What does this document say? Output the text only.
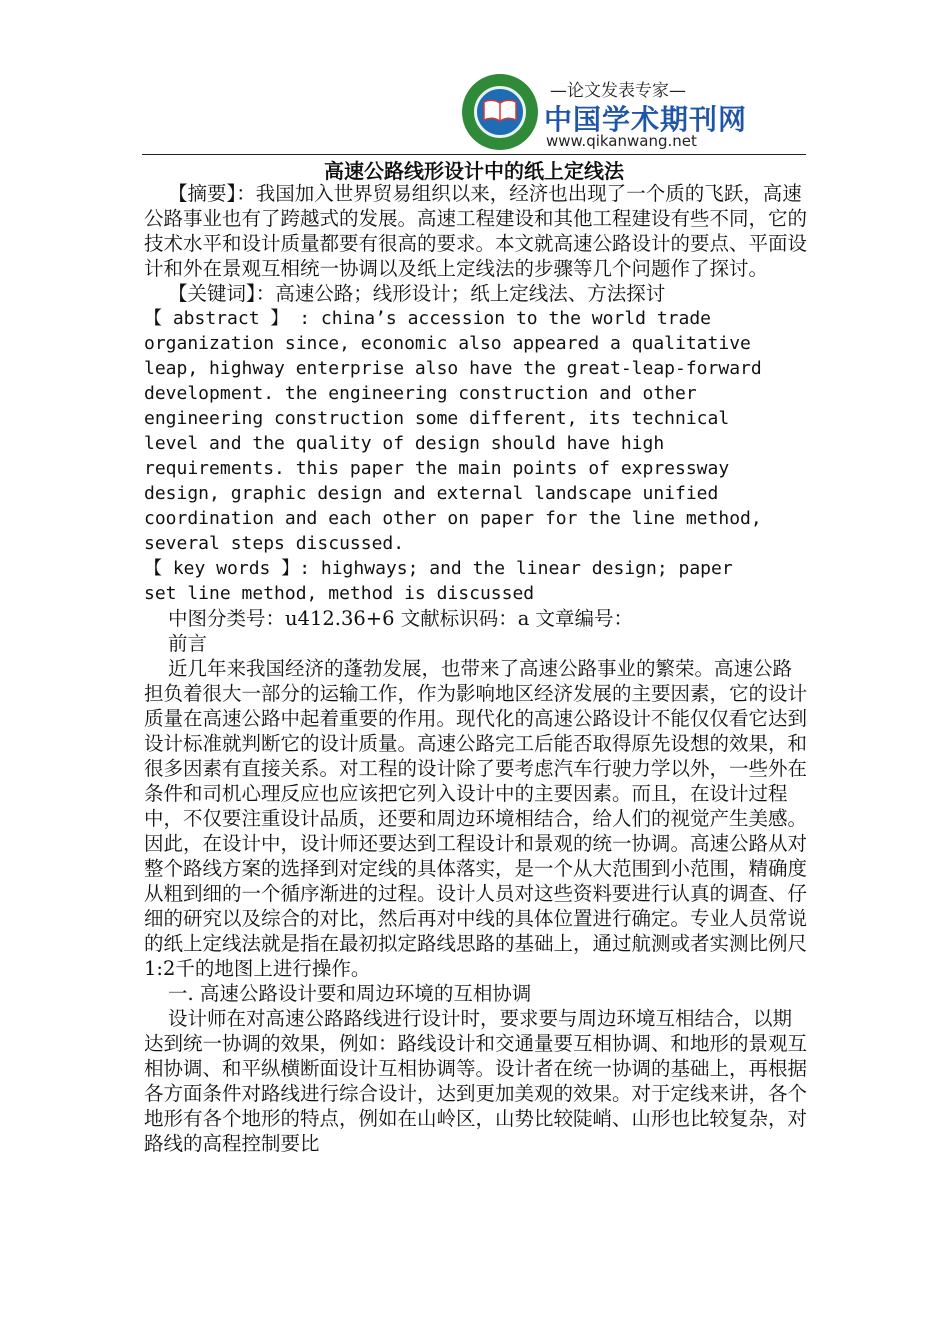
—论文发表专家—
中国学术期刊网
www.qikanwang.net
高速公路线形设计中的纸上定线法

【摘要】：我国加入世界贸易组织以来，经济也出现了一个质的飞跃，高速公路事业也有了跨越式的发展。高速工程建设和其他工程建设有些不同，它的技术水平和设计质量都要有很高的要求。本文就高速公路设计的要点、平面设计和外在景观互相统一协调以及纸上定线法的步骤等几个问题作了探讨。

【关键词】：高速公路；线形设计；纸上定线法、方法探讨

【 abstract 】 : china’s accession to the world trade
organization since, economic also appeared a qualitative
leap, highway enterprise also have the great-leap-forward
development. the engineering construction and other
engineering construction some different, its technical
level and the quality of design should have high
requirements. this paper the main points of expressway
design, graphic design and external landscape unified
coordination and each other on paper for the line method,
several steps discussed.

【 key words 】: highways; and the linear design; paper
set line method, method is discussed

中图分类号：u412.36+6 文献标识码：a 文章编号：

前言

近几年来我国经济的蓬勃发展，也带来了高速公路事业的繁荣。高速公路担负着很大一部分的运输工作，作为影响地区经济发展的主要因素，它的设计质量在高速公路中起着重要的作用。现代化的高速公路设计不能仅仅看它达到设计标准就判断它的设计质量。高速公路完工后能否取得原先设想的效果，和很多因素有直接关系。对工程的设计除了要考虑汽车行驶力学以外，一些外在条件和司机心理反应也应该把它列入设计中的主要因素。而且，在设计过程中，不仅要注重设计品质，还要和周边环境相结合，给人们的视觉产生美感。因此，在设计中，设计师还要达到工程设计和景观的统一协调。高速公路从对整个路线方案的选择到对定线的具体落实，是一个从大范围到小范围，精确度从粗到细的一个循序渐进的过程。设计人员对这些资料要进行认真的调查、仔细的研究以及综合的对比，然后再对中线的具体位置进行确定。专业人员常说的纸上定线法就是指在最初拟定路线思路的基础上，通过航测或者实测比例尺1:2千的地图上进行操作。

一. 高速公路设计要和周边环境的互相协调

设计师在对高速公路路线进行设计时，要求要与周边环境互相结合，以期达到统一协调的效果，例如：路线设计和交通量要互相协调、和地形的景观互相协调、和平纵横断面设计互相协调等。设计者在统一协调的基础上，再根据各方面条件对路线进行综合设计，达到更加美观的效果。对于定线来讲，各个地形有各个地形的特点，例如在山岭区，山势比较陡峭、山形也比较复杂，对路线的高程控制要比
